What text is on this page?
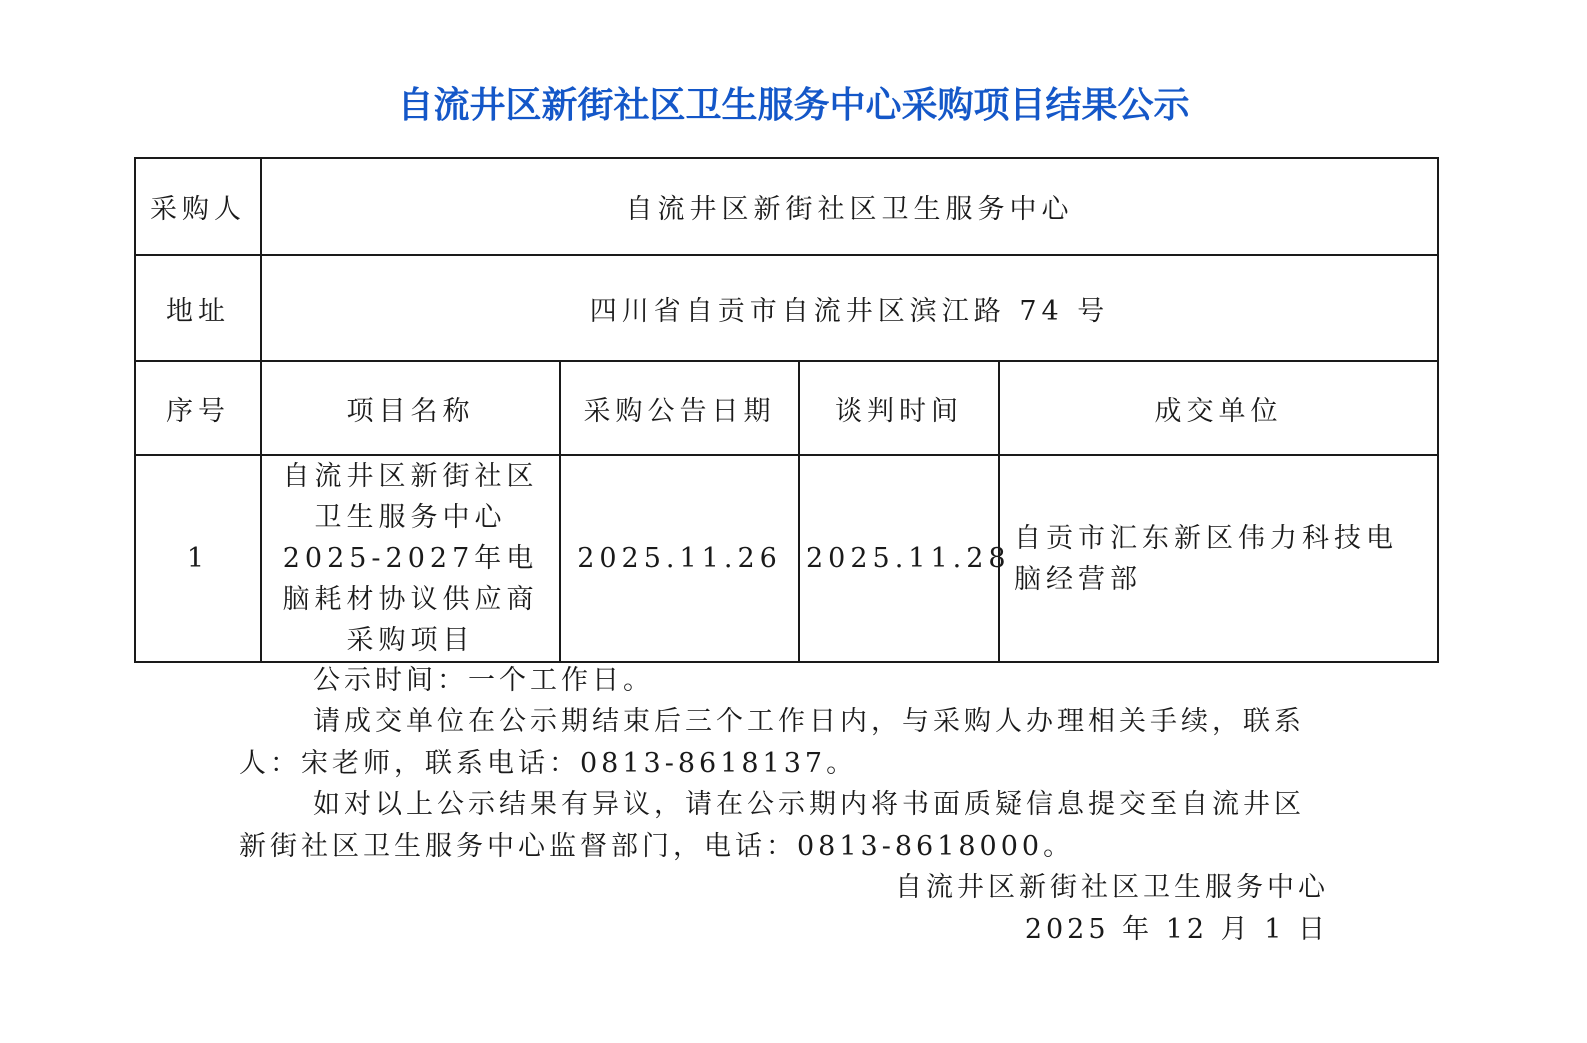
自流井区新街社区卫生服务中心采购项目结果公示
采购人	自流井区新街社区卫生服务中心			
地址	四川省自贡市自流井区滨江路 74 号			
序号	项目名称	采购公告日期	谈判时间	成交单位
1	自流井区新街社区卫生服务中心2025-2027年电脑耗材协议供应商采购项目	2025.11.26	2025.11.28	自贡市汇东新区伟力科技电脑经营部
公示时间：一个工作日。
请成交单位在公示期结束后三个工作日内，与采购人办理相关手续，联系
人：宋老师，联系电话：0813-8618137。
如对以上公示结果有异议，请在公示期内将书面质疑信息提交至自流井区
新街社区卫生服务中心监督部门，电话：0813-8618000。
自流井区新街社区卫生服务中心
2025 年 12 月 1 日
